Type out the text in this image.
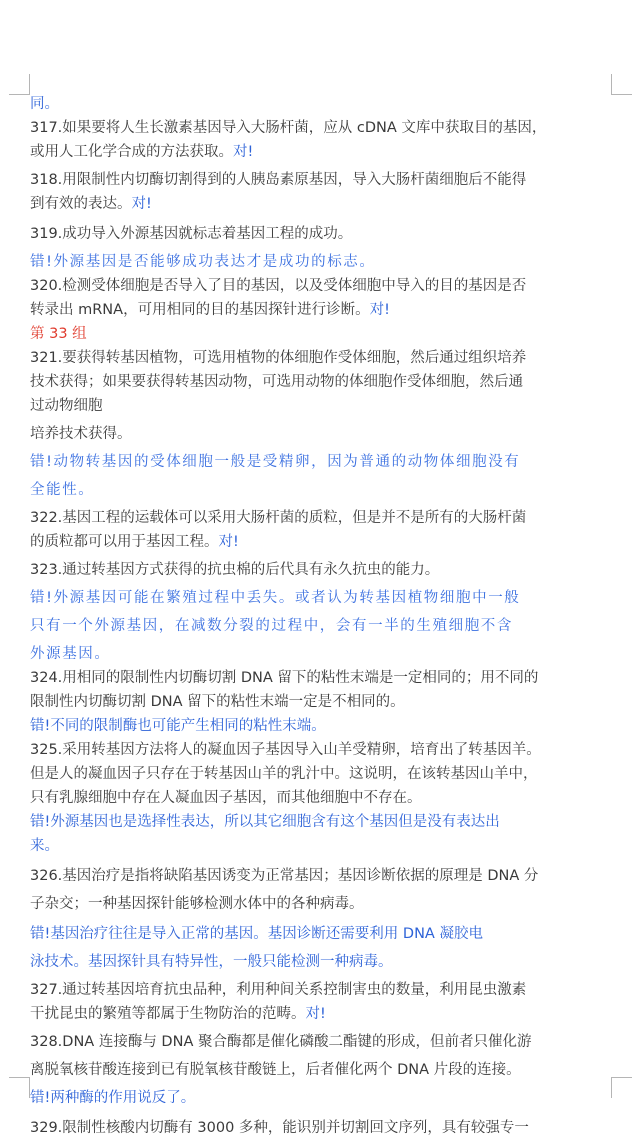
同。
317.如果要将人生长激素基因导入大肠杆菌，应从 cDNA 文库中获取目的基因，
或用人工化学合成的方法获取。对!
318.用限制性内切酶切割得到的人胰岛素原基因，导入大肠杆菌细胞后不能得
到有效的表达。对!
319.成功导入外源基因就标志着基因工程的成功。
错!外源基因是否能够成功表达才是成功的标志。
320.检测受体细胞是否导入了目的基因，以及受体细胞中导入的目的基因是否
转录出 mRNA，可用相同的目的基因探针进行诊断。对!
第 33 组
321.要获得转基因植物，可选用植物的体细胞作受体细胞，然后通过组织培养
技术获得；如果要获得转基因动物，可选用动物的体细胞作受体细胞，然后通
过动物细胞
培养技术获得。
错!动物转基因的受体细胞一般是受精卵，因为普通的动物体细胞没有
全能性。
322.基因工程的运载体可以采用大肠杆菌的质粒，但是并不是所有的大肠杆菌
的质粒都可以用于基因工程。对!
323.通过转基因方式获得的抗虫棉的后代具有永久抗虫的能力。
错!外源基因可能在繁殖过程中丢失。或者认为转基因植物细胞中一般
只有一个外源基因，在减数分裂的过程中，会有一半的生殖细胞不含
外源基因。
324.用相同的限制性内切酶切割 DNA 留下的粘性末端是一定相同的；用不同的
限制性内切酶切割 DNA 留下的粘性末端一定是不相同的。
错!不同的限制酶也可能产生相同的粘性末端。
325.采用转基因方法将人的凝血因子基因导入山羊受精卵，培育出了转基因羊。
但是人的凝血因子只存在于转基因山羊的乳汁中。这说明，在该转基因山羊中，
只有乳腺细胞中存在人凝血因子基因，而其他细胞中不存在。
错!外源基因也是选择性表达，所以其它细胞含有这个基因但是没有表达出
来。
326.基因治疗是指将缺陷基因诱变为正常基因；基因诊断依据的原理是 DNA 分
子杂交；一种基因探针能够检测水体中的各种病毒。
错!基因治疗往往是导入正常的基因。基因诊断还需要利用 DNA 凝胶电
泳技术。基因探针具有特异性，一般只能检测一种病毒。
327.通过转基因培育抗虫品种，利用种间关系控制害虫的数量，利用昆虫激素
干扰昆虫的繁殖等都属于生物防治的范畴。对!
328.DNA 连接酶与 DNA 聚合酶都是催化磷酸二酯键的形成，但前者只催化游
离脱氧核苷酸连接到已有脱氧核苷酸链上，后者催化两个 DNA 片段的连接。
错!两种酶的作用说反了。
329.限制性核酸内切酶有 3000 多种，能识别并切割回文序列，具有较强专一
